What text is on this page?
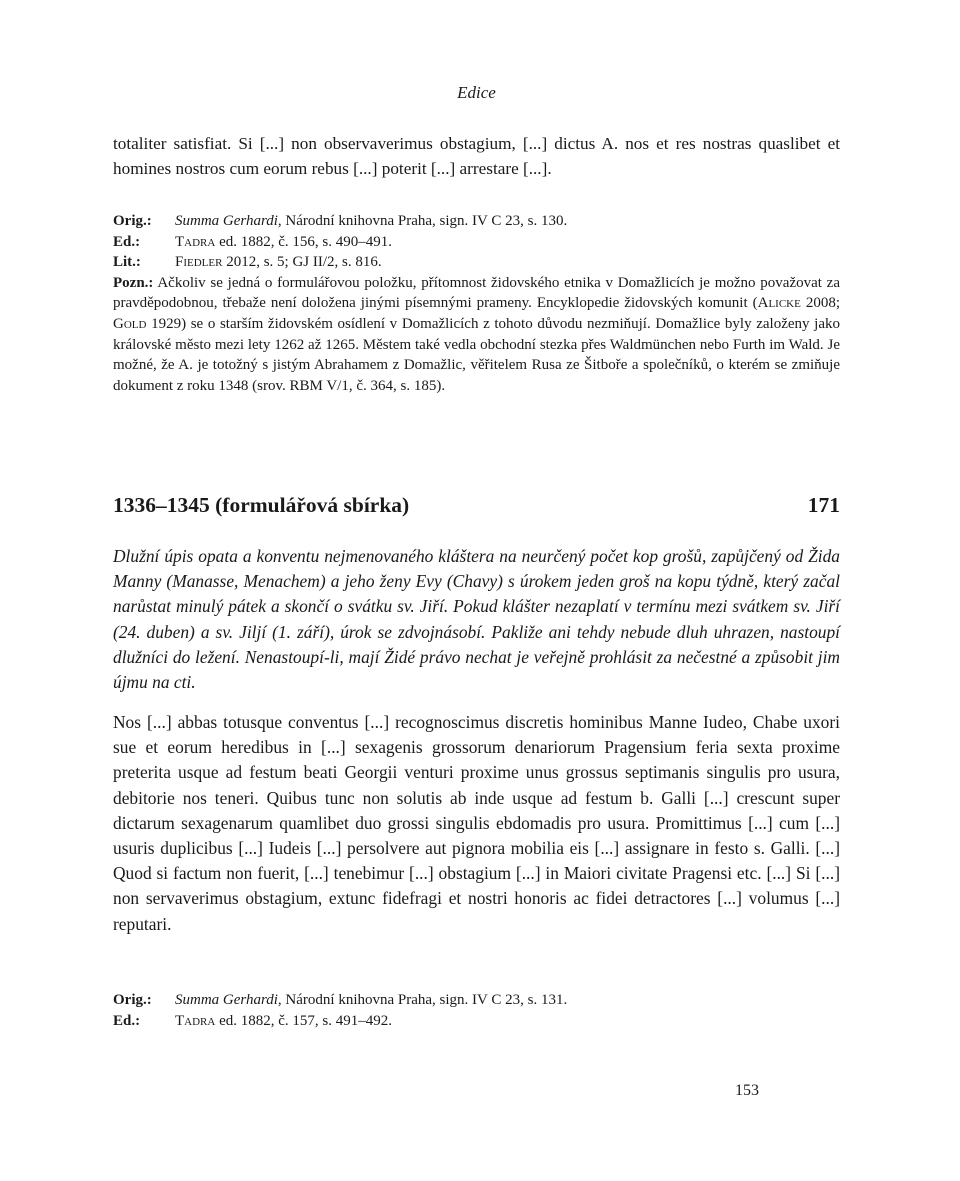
Edice
totaliter satisfiat. Si [...] non observaverimus obstagium, [...] dictus A. nos et res nostras quaslibet et homines nostros cum eorum rebus [...] poterit [...] arrestare [...].
Orig.:	Summa Gerhardi, Národní knihovna Praha, sign. IV C 23, s. 130.
Ed.:	Tadra ed. 1882, č. 156, s. 490–491.
Lit.:	Fiedler 2012, s. 5; GJ II/2, s. 816.
Pozn.: Ačkoliv se jedná o formulářovou položku, přítomnost židovského etnika v Domažlicích je možno považovat za pravděpodobnou, třebaže není doložena jinými písemnými prameny. Encyklopedie židovských komunit (Alicke 2008; Gold 1929) se o starším židovském osídlení v Domažlicích z tohoto důvodu nezmiňují. Domažlice byly založeny jako královské město mezi lety 1262 až 1265. Městem také vedla obchodní stezka přes Waldmünchen nebo Furth im Wald. Je možné, že A. je totožný s jistým Abrahamem z Domažlic, věřitelem Rusa ze Šitboře a společníků, o kterém se zmiňuje dokument z roku 1348 (srov. RBM V/1, č. 364, s. 185).
1336–1345 (formulářová sbírka)	171
Dlužní úpis opata a konventu nejmenovaného kláštera na neurčený počet kop grošů, zapůjčený od Žida Manny (Manasse, Menachem) a jeho ženy Evy (Chavy) s úrokem jeden groš na kopu týdně, který začal narůstat minulý pátek a skončí o svátku sv. Jiří. Pokud klášter nezaplatí v termínu mezi svátkem sv. Jiří (24. duben) a sv. Jiljí (1. září), úrok se zdvojnásobí. Pakliže ani tehdy nebude dluh uhrazen, nastoupí dlužníci do ležení. Nenastoupí-li, mají Židé právo nechat je veřejně prohlásit za nečestné a způsobit jim újmu na cti.
Nos [...] abbas totusque conventus [...] recognoscimus discretis hominibus Manne Iudeo, Chabe uxori sue et eorum heredibus in [...] sexagenis grossorum denariorum Pragensium feria sexta proxime preterita usque ad festum beati Georgii venturi proxime unus grossus septimanis singulis pro usura, debitorie nos teneri. Quibus tunc non solutis ab inde usque ad festum b. Galli [...] crescunt super dictarum sexagenarum quamlibet duo grossi singulis ebdomadis pro usura. Promittimus [...] cum [...] usuris duplicibus [...] Iudeis [...] persolvere aut pignora mobilia eis [...] assignare in festo s. Galli. [...] Quod si factum non fuerit, [...] tenebimur [...] obstagium [...] in Maiori civitate Pragensi etc. [...] Si [...] non servaverimus obstagium, extunc fidefragi et nostri honoris ac fidei detractores [...] volumus [...] reputari.
Orig.:	Summa Gerhardi, Národní knihovna Praha, sign. IV C 23, s. 131.
Ed.:	Tadra ed. 1882, č. 157, s. 491–492.
153
